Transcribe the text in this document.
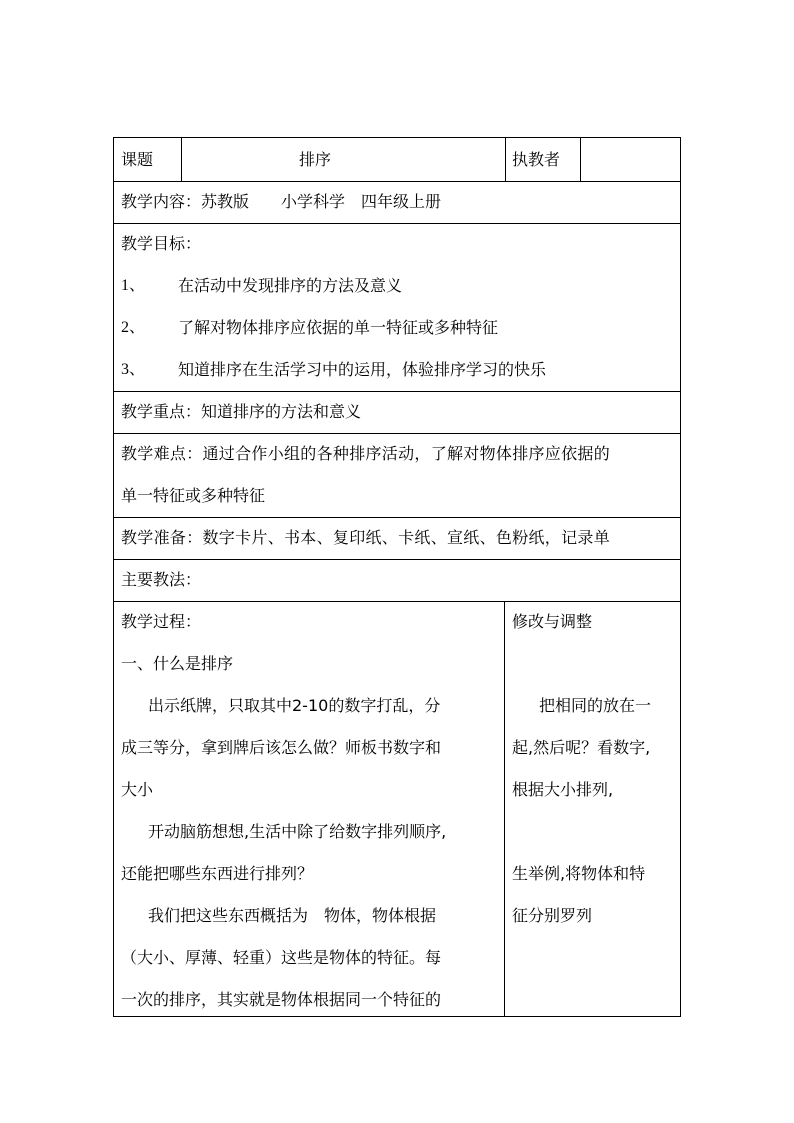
课题	排序	执教者
教学内容：苏教版　　小学科学　四年级上册
教学目标：
1、 在活动中发现排序的方法及意义
2、 了解对物体排序应依据的单一特征或多种特征
3、 知道排序在生活学习中的运用，体验排序学习的快乐
教学重点：知道排序的方法和意义
教学难点：通过合作小组的各种排序活动，了解对物体排序应依据的
单一特征或多种特征
教学准备：数字卡片、书本、复印纸、卡纸、宣纸、色粉纸，记录单
主要教法：
教学过程：
一、什么是排序
出示纸牌，只取其中2-10的数字打乱，分
成三等分，拿到牌后该怎么做？师板书数字和
大小
开动脑筋想想,生活中除了给数字排列顺序,
还能把哪些东西进行排列？
我们把这些东西概括为　物体，物体根据
（大小、厚薄、轻重）这些是物体的特征。每
一次的排序，其实就是物体根据同一个特征的
修改与调整
把相同的放在一
起,然后呢？看数字,
根据大小排列,
生举例,将物体和特
征分别罗列
